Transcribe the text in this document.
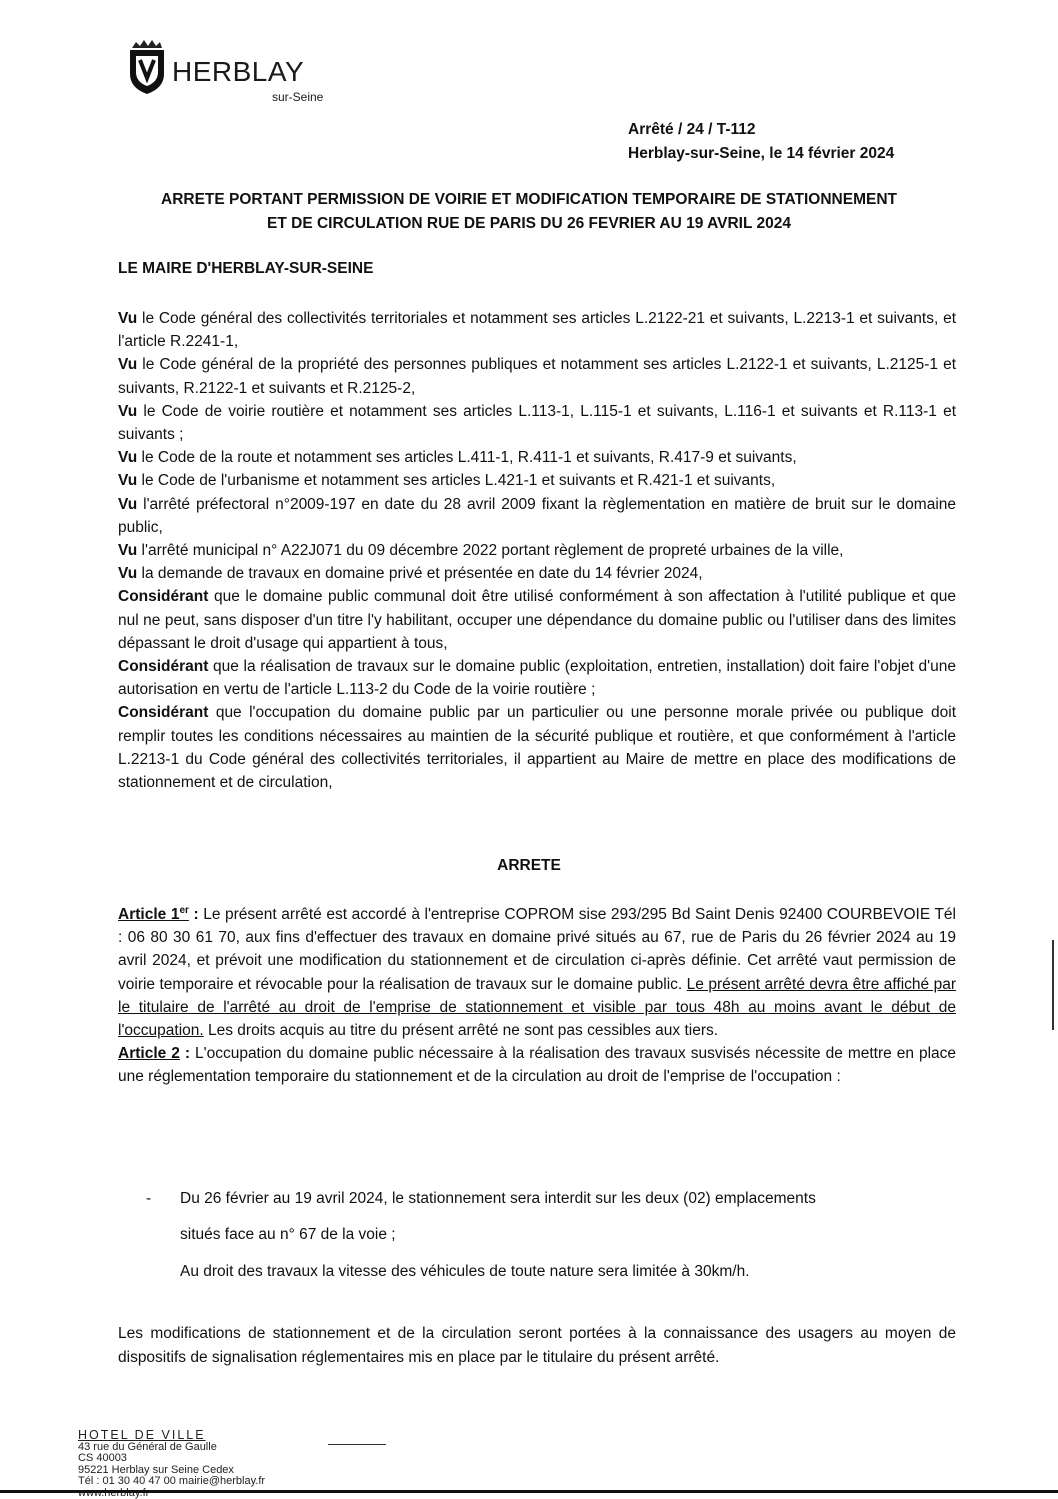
HERBLAY
sur-Seine
Arrêté / 24 / T-112
Herblay-sur-Seine, le 14 février 2024
ARRETE PORTANT PERMISSION DE VOIRIE ET MODIFICATION TEMPORAIRE DE STATIONNEMENT
ET DE CIRCULATION RUE DE PARIS DU 26 FEVRIER AU 19 AVRIL 2024
LE MAIRE D'HERBLAY-SUR-SEINE

Vu le Code général des collectivités territoriales et notamment ses articles L.2122-21 et suivants, L.2213-1 et suivants, et l'article R.2241-1,

Vu le Code général de la propriété des personnes publiques et notamment ses articles L.2122-1 et suivants, L.2125-1 et suivants, R.2122-1 et suivants et R.2125-2,

Vu le Code de voirie routière et notamment ses articles L.113-1, L.115-1 et suivants, L.116-1 et suivants et R.113-1 et suivants ;

Vu le Code de la route et notamment ses articles L.411-1, R.411-1 et suivants, R.417-9 et suivants,

Vu le Code de l'urbanisme et notamment ses articles L.421-1 et suivants et R.421-1 et suivants,

Vu l'arrêté préfectoral n°2009-197 en date du 28 avril 2009 fixant la règlementation en matière de bruit sur le domaine public,

Vu l'arrêté municipal n° A22J071 du 09 décembre 2022 portant règlement de propreté urbaines de la ville,

Vu la demande de travaux en domaine privé et présentée en date du 14 février 2024,

Considérant que le domaine public communal doit être utilisé conformément à son affectation à l'utilité publique et que nul ne peut, sans disposer d'un titre l'y habilitant, occuper une dépendance du domaine public ou l'utiliser dans des limites dépassant le droit d'usage qui appartient à tous,

Considérant que la réalisation de travaux sur le domaine public (exploitation, entretien, installation) doit faire l'objet d'une autorisation en vertu de l'article L.113-2 du Code de la voirie routière ;

Considérant que l'occupation du domaine public par un particulier ou une personne morale privée ou publique doit remplir toutes les conditions nécessaires au maintien de la sécurité publique et routière, et que conformément à l'article L.2213-1 du Code général des collectivités territoriales, il appartient au Maire de mettre en place des modifications de stationnement et de circulation,

ARRETE

Article 1er : Le présent arrêté est accordé à l'entreprise COPROM sise 293/295 Bd Saint Denis 92400 COURBEVOIE Tél : 06 80 30 61 70, aux fins d'effectuer des travaux en domaine privé situés au 67, rue de Paris du 26 février 2024 au 19 avril 2024, et prévoit une modification du stationnement et de circulation ci-après définie. Cet arrêté vaut permission de voirie temporaire et révocable pour la réalisation de travaux sur le domaine public. Le présent arrêté devra être affiché par le titulaire de l'arrêté au droit de l'emprise de stationnement et visible par tous 48h au moins avant le début de l'occupation. Les droits acquis au titre du présent arrêté ne sont pas cessibles aux tiers.

Article 2 : L'occupation du domaine public nécessaire à la réalisation des travaux susvisés nécessite de mettre en place une réglementation temporaire du stationnement et de la circulation au droit de l'emprise de l'occupation :

- Du 26 février au 19 avril 2024, le stationnement sera interdit sur les deux (02) emplacements
situés face au n° 67 de la voie ;
Au droit des travaux la vitesse des véhicules de toute nature sera limitée à 30km/h.
Les modifications de stationnement et de la circulation seront portées à la connaissance des usagers au moyen de dispositifs de signalisation réglementaires mis en place par le titulaire du présent arrêté.
HOTEL DE VILLE
43 rue du Général de Gaulle
CS 40003
95221 Herblay sur Seine Cedex
Tél : 01 30 40 47 00 mairie@herblay.fr
